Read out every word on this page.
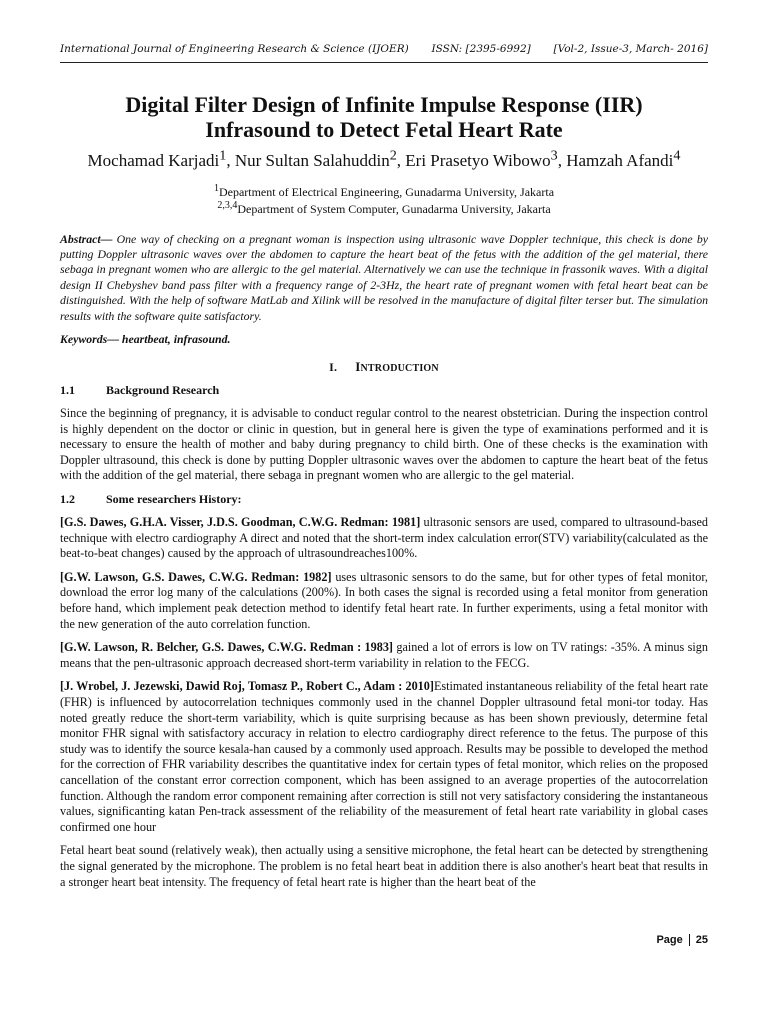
International Journal of Engineering Research & Science (IJOER) ISSN: [2395-6992] [Vol-2, Issue-3, March- 2016]
Digital Filter Design of Infinite Impulse Response (IIR)
Infrasound to Detect Fetal Heart Rate
Mochamad Karjadi$^1$, Nur Sultan Salahuddin$^2$, Eri Prasetyo Wibowo$^3$, Hamzah Afandi$^4$
$^1$Department of Electrical Engineering, Gunadarma University, Jakarta
$^{2,3,4}$Department of System Computer, Gunadarma University, Jakarta
Abstract— One way of checking on a pregnant woman is inspection using ultrasonic wave Doppler technique, this check is done by putting Doppler ultrasonic waves over the abdomen to capture the heart beat of the fetus with the addition of the gel material, there sebaga in pregnant women who are allergic to the gel material. Alternatively we can use the technique in frassonik waves. With a digital design II Chebyshev band pass filter with a frequency range of 2-3Hz, the heart rate of pregnant women with fetal heart beat can be distinguished. With the help of software MatLab and Xilink will be resolved in the manufacture of digital filter terser but. The simulation results with the software quite satisfactory.
Keywords— heartbeat, infrasound.
I. INTRODUCTION
1.1	Background Research
Since the beginning of pregnancy, it is advisable to conduct regular control to the nearest obstetrician. During the inspection control is highly dependent on the doctor or clinic in question, but in general here is given the type of examinations performed and it is necessary to ensure the health of mother and baby during pregnancy to child birth. One of these checks is the examination with Doppler ultrasound, this check is done by putting Doppler ultrasonic waves over the abdomen to capture the heart beat of the fetus with the addition of the gel material, there sebaga in pregnant women who are allergic to the gel material.
1.2	Some researchers History:
[G.S. Dawes, G.H.A. Visser, J.D.S. Goodman, C.W.G. Redman: 1981] ultrasonic sensors are used, compared to ultrasound-based technique with electro cardiography A direct and noted that the short-term index calculation error(STV) variability(calculated as the beat-to-beat changes) caused by the approach of ultrasoundreaches100%.
[G.W. Lawson, G.S. Dawes, C.W.G. Redman: 1982] uses ultrasonic sensors to do the same, but for other types of fetal monitor, download the error log many of the calculations (200%). In both cases the signal is recorded using a fetal monitor from generation before hand, which implement peak detection method to identify fetal heart rate. In further experiments, using a fetal monitor with the new generation of the auto correlation function.
[G.W. Lawson, R. Belcher, G.S. Dawes, C.W.G. Redman : 1983] gained a lot of errors is low on TV ratings: -35%. A minus sign means that the pen-ultrasonic approach decreased short-term variability in relation to the FECG.
[J. Wrobel, J. Jezewski, Dawid Roj, Tomasz P., Robert C., Adam : 2010]Estimated instantaneous reliability of the fetal heart rate (FHR) is influenced by autocorrelation techniques commonly used in the channel Doppler ultrasound fetal moni-tor today. Has noted greatly reduce the short-term variability, which is quite surprising because as has been shown previously, determine fetal monitor FHR signal with satisfactory accuracy in relation to electro cardiography direct reference to the fetus. The purpose of this study was to identify the source kesala-han caused by a commonly used approach. Results may be possible to developed the method for the correction of FHR variability describes the quantitative index for certain types of fetal monitor, which relies on the proposed cancellation of the constant error correction component, which has been assigned to an average properties of the autocorrelation function. Although the random error component remaining after correction is still not very satisfactory considering the instantaneous values, significanting katan Pen-track assessment of the reliability of the measurement of fetal heart rate variability in global cases confirmed one hour
Fetal heart beat sound (relatively weak), then actually using a sensitive microphone, the fetal heart can be detected by strengthening the signal generated by the microphone. The problem is no fetal heart beat in addition there is also another's heart beat that results in a stronger heart beat intensity. The frequency of fetal heart rate is higher than the heart beat of the
Page 25
